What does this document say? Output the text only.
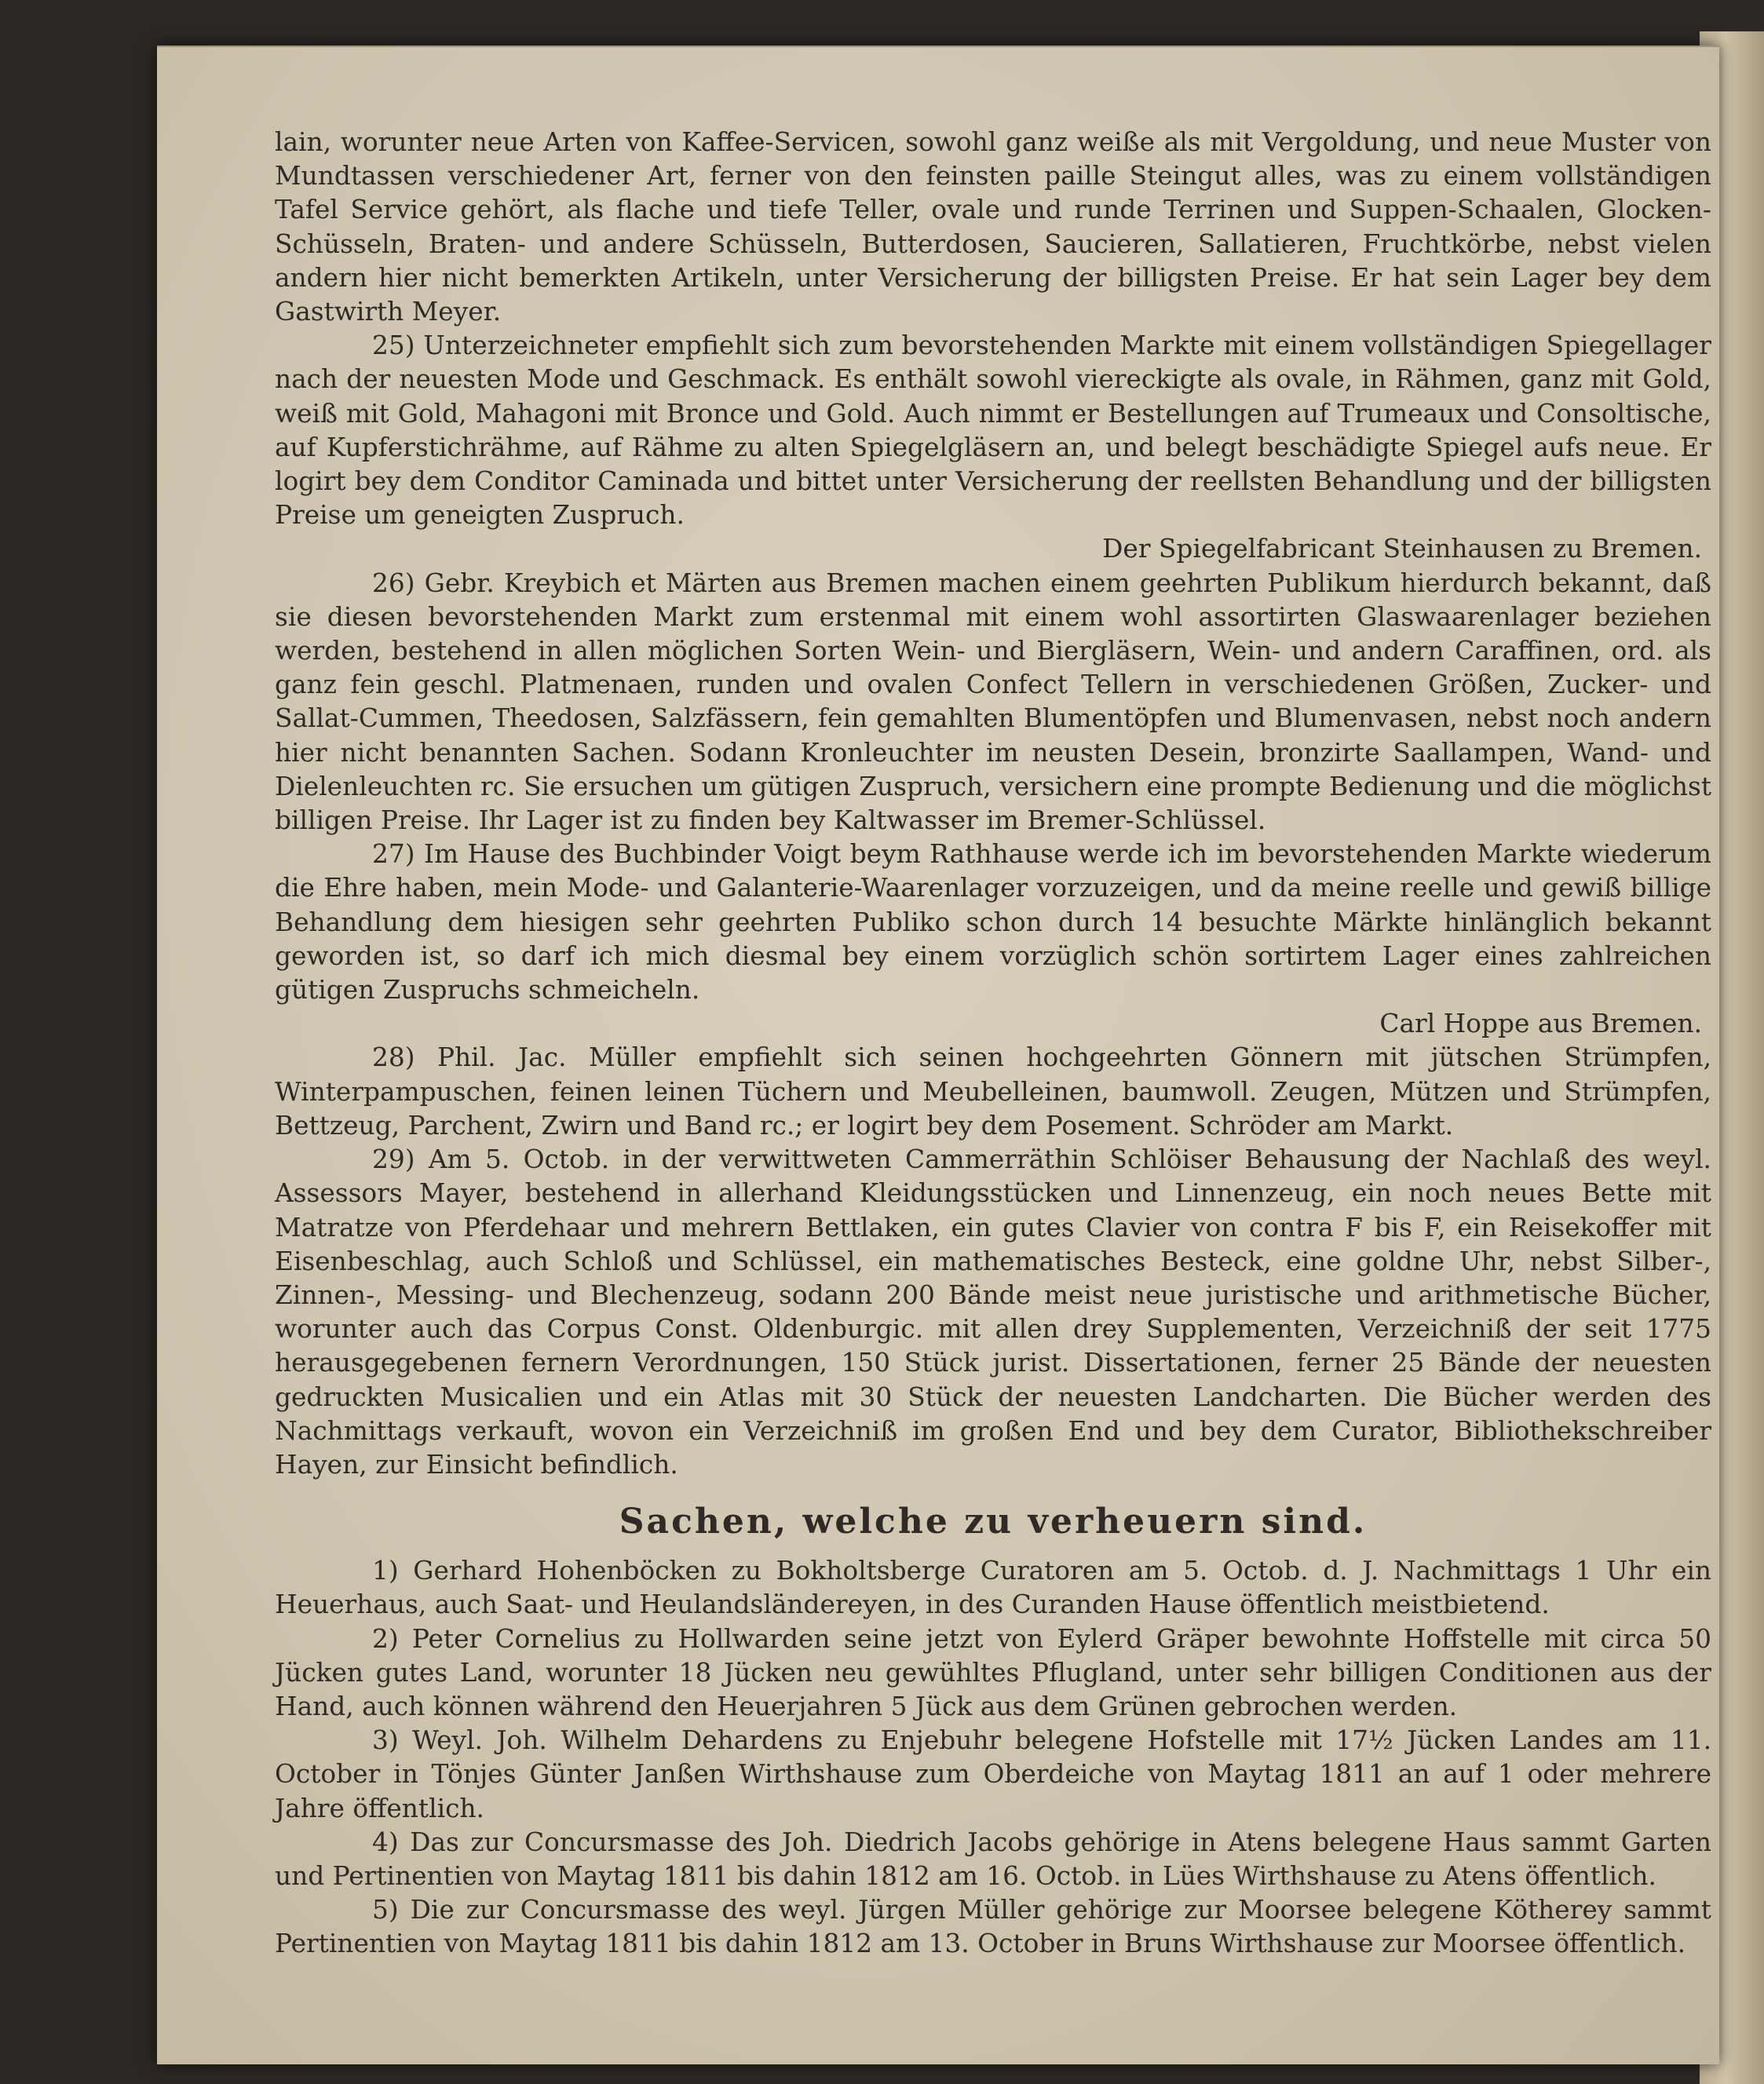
lain, worunter neue Arten von Kaffee-Servicen, sowohl ganz weiße als mit Vergoldung, und neue Muster von Mundtassen verschiedener Art, ferner von den feinsten paille Steingut alles, was zu einem vollständigen Tafel Service gehört, als flache und tiefe Teller, ovale und runde Terrinen und Suppen-Schaalen, Glocken-Schüsseln, Braten- und andere Schüsseln, Butterdosen, Saucieren, Sallatieren, Fruchtkörbe, nebst vielen andern hier nicht bemerkten Artikeln, unter Versicherung der billigsten Preise. Er hat sein Lager bey dem Gastwirth Meyer.

25) Unterzeichneter empfiehlt sich zum bevorstehenden Markte mit einem vollständigen Spiegellager nach der neuesten Mode und Geschmack. Es enthält sowohl viereckigte als ovale, in Rähmen, ganz mit Gold, weiß mit Gold, Mahagoni mit Bronce und Gold. Auch nimmt er Bestellungen auf Trumeaux und Consoltische, auf Kupferstichrähme, auf Rähme zu alten Spiegelgläsern an, und belegt beschädigte Spiegel aufs neue. Er logirt bey dem Conditor Caminada und bittet unter Versicherung der reellsten Behandlung und der billigsten Preise um geneigten Zuspruch.

Der Spiegelfabricant Steinhausen zu Bremen.

26) Gebr. Kreybich et Märten aus Bremen machen einem geehrten Publikum hierdurch bekannt, daß sie diesen bevorstehenden Markt zum erstenmal mit einem wohl assortirten Glaswaarenlager beziehen werden, bestehend in allen möglichen Sorten Wein- und Biergläsern, Wein- und andern Caraffinen, ord. als ganz fein geschl. Platmenaen, runden und ovalen Confect Tellern in verschiedenen Größen, Zucker- und Sallat-Cummen, Theedosen, Salzfässern, fein gemahlten Blumentöpfen und Blumenvasen, nebst noch andern hier nicht benannten Sachen. Sodann Kronleuchter im neusten Desein, bronzirte Saallampen, Wand- und Dielenleuchten rc. Sie ersuchen um gütigen Zuspruch, versichern eine prompte Bedienung und die möglichst billigen Preise. Ihr Lager ist zu finden bey Kaltwasser im Bremer-Schlüssel.

27) Im Hause des Buchbinder Voigt beym Rathhause werde ich im bevorstehenden Markte wiederum die Ehre haben, mein Mode- und Galanterie-Waarenlager vorzuzeigen, und da meine reelle und gewiß billige Behandlung dem hiesigen sehr geehrten Publiko schon durch 14 besuchte Märkte hinlänglich bekannt geworden ist, so darf ich mich diesmal bey einem vorzüglich schön sortirtem Lager eines zahlreichen gütigen Zuspruchs schmeicheln.

Carl Hoppe aus Bremen.

28) Phil. Jac. Müller empfiehlt sich seinen hochgeehrten Gönnern mit jütschen Strümpfen, Winterpampuschen, feinen leinen Tüchern und Meubelleinen, baumwoll. Zeugen, Mützen und Strümpfen, Bettzeug, Parchent, Zwirn und Band rc.; er logirt bey dem Posement. Schröder am Markt.

29) Am 5. Octob. in der verwittweten Cammerräthin Schlöiser Behausung der Nachlaß des weyl. Assessors Mayer, bestehend in allerhand Kleidungsstücken und Linnenzeug, ein noch neues Bette mit Matratze von Pferdehaar und mehrern Bettlaken, ein gutes Clavier von contra F bis F, ein Reisekoffer mit Eisenbeschlag, auch Schloß und Schlüssel, ein mathematisches Besteck, eine goldne Uhr, nebst Silber-, Zinnen-, Messing- und Blechenzeug, sodann 200 Bände meist neue juristische und arithmetische Bücher, worunter auch das Corpus Const. Oldenburgic. mit allen drey Supplementen, Verzeichniß der seit 1775 herausgegebenen fernern Verordnungen, 150 Stück jurist. Dissertationen, ferner 25 Bände der neuesten gedruckten Musicalien und ein Atlas mit 30 Stück der neuesten Landcharten. Die Bücher werden des Nachmittags verkauft, wovon ein Verzeichniß im großen End und bey dem Curator, Bibliothekschreiber Hayen, zur Einsicht befindlich.

Sachen, welche zu verheuern sind.

1) Gerhard Hohenböcken zu Bokholtsberge Curatoren am 5. Octob. d. J. Nachmittags 1 Uhr ein Heuerhaus, auch Saat- und Heulandsländereyen, in des Curanden Hause öffentlich meistbietend.

2) Peter Cornelius zu Hollwarden seine jetzt von Eylerd Gräper bewohnte Hoffstelle mit circa 50 Jücken gutes Land, worunter 18 Jücken neu gewühltes Pflugland, unter sehr billigen Conditionen aus der Hand, auch können während den Heuerjahren 5 Jück aus dem Grünen gebrochen werden.

3) Weyl. Joh. Wilhelm Dehardens zu Enjebuhr belegene Hofstelle mit 17½ Jücken Landes am 11. October in Tönjes Günter Janßen Wirthshause zum Oberdeiche von Maytag 1811 an auf 1 oder mehrere Jahre öffentlich.

4) Das zur Concursmasse des Joh. Diedrich Jacobs gehörige in Atens belegene Haus sammt Garten und Pertinentien von Maytag 1811 bis dahin 1812 am 16. Octob. in Lües Wirthshause zu Atens öffentlich.

5) Die zur Concursmasse des weyl. Jürgen Müller gehörige zur Moorsee belegene Kötherey sammt Pertinentien von Maytag 1811 bis dahin 1812 am 13. October in Bruns Wirthshause zur Moorsee öffentlich.
